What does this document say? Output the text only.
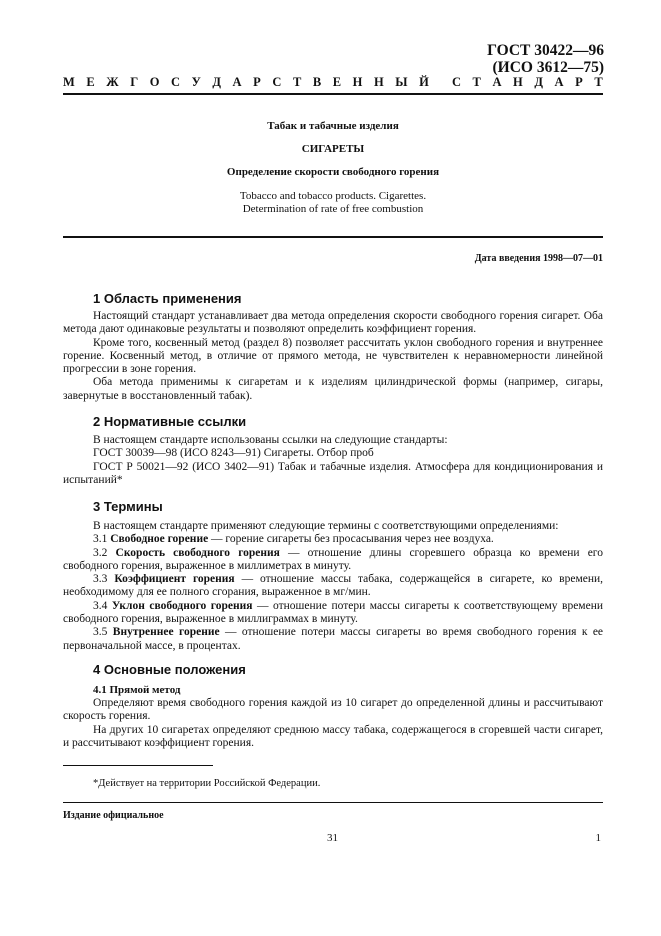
ГОСТ 30422—96
(ИСО 3612—75)
М Е Ж Г О С У Д А Р С Т В Е Н Н Ы Й С Т А Н Д А Р Т
Табак и табачные изделия
СИГАРЕТЫ
Определение скорости свободного горения
Tobacco and tobacco products. Cigarettes.
Determination of rate of free combustion
Дата введения 1998—07—01
1 Область применения

Настоящий стандарт устанавливает два метода определения скорости свободного горения сигарет. Оба метода дают одинаковые результаты и позволяют определить коэффициент горения.

Кроме того, косвенный метод (раздел 8) позволяет рассчитать уклон свободного горения и внутреннее горение. Косвенный метод, в отличие от прямого метода, не чувствителен к неравномерности линейной прогрессии в зоне горения.

Оба метода применимы к сигаретам и к изделиям цилиндрической формы (например, сигары, завернутые в восстановленный табак).

2 Нормативные ссылки

В настоящем стандарте использованы ссылки на следующие стандарты:

ГОСТ 30039—98 (ИСО 8243—91) Сигареты. Отбор проб

ГОСТ Р 50021—92 (ИСО 3402—91) Табак и табачные изделия. Атмосфера для кондиционирования и испытаний*

3 Термины

В настоящем стандарте применяют следующие термины с соответствующими определениями:

3.1 Свободное горение — горение сигареты без просасывания через нее воздуха.

3.2 Скорость свободного горения — отношение длины сгоревшего образца ко времени его свободного горения, выраженное в миллиметрах в минуту.

3.3 Коэффициент горения — отношение массы табака, содержащейся в сигарете, ко времени, необходимому для ее полного сгорания, выраженное в мг/мин.

3.4 Уклон свободного горения — отношение потери массы сигареты к соответствующему времени свободного горения, выраженное в миллиграммах в минуту.

3.5 Внутреннее горение — отношение потери массы сигареты во время свободного горения к ее первоначальной массе, в процентах.

4 Основные положения
4.1 Прямой метод

Определяют время свободного горения каждой из 10 сигарет до определенной длины и рассчитывают скорость горения.

На других 10 сигаретах определяют среднюю массу табака, содержащегося в сгоревшей части сигарет, и рассчитывают коэффициент горения.

*Действует на территории Российской Федерации.
Издание официальное
31	1
